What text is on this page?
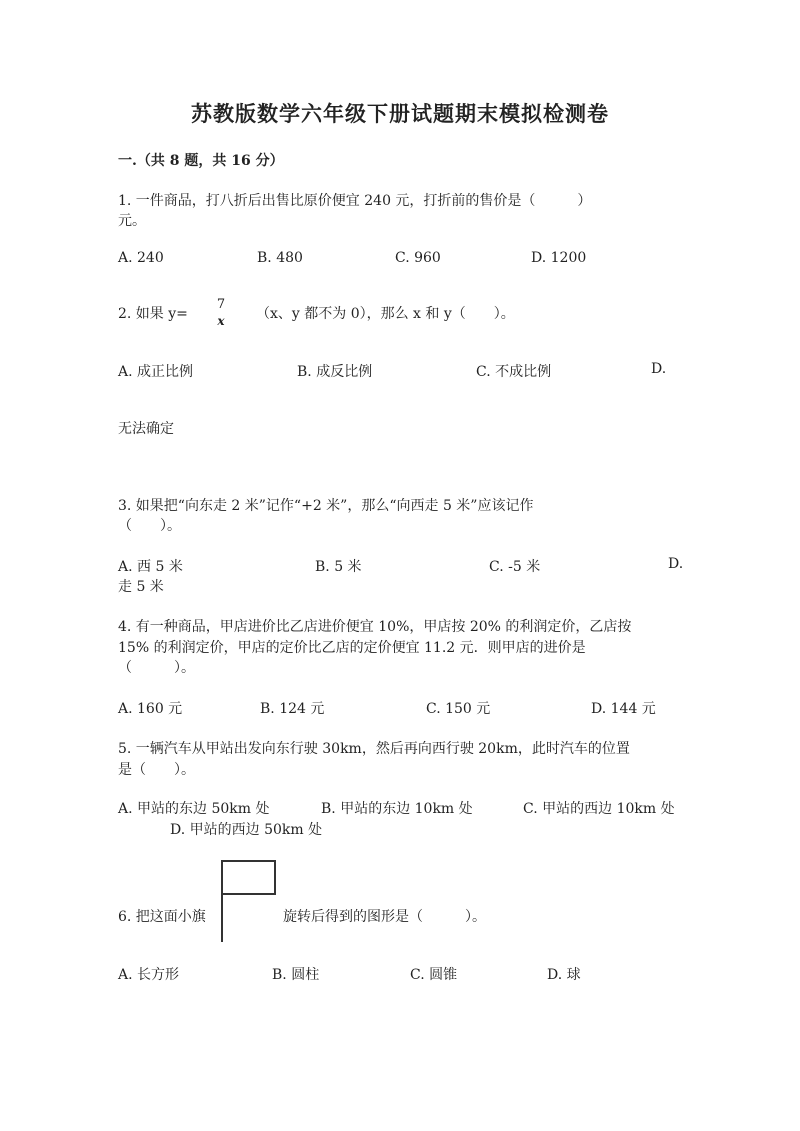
苏教版数学六年级下册试题期末模拟检测卷
一.（共 8 题，共 16 分）
1. 一件商品，打八折后出售比原价便宜 240 元，打折前的售价是（　　　）
元。
A. 240	B. 480	C. 960	D. 1200
2. 如果 y=
7
x	（x、y 都不为 0），那么 x 和 y（　　）。
A. 成正比例	B. 成反比例	C. 不成比例	D.
无法确定
3. 如果把“向东走 2 米”记作“+2 米”，那么“向西走 5 米”应该记作
（　　）。
A. 西 5 米	B. 5 米	C. -5 米	D.
走 5 米
4. 有一种商品，甲店进价比乙店进价便宜 10%，甲店按 20% 的利润定价，乙店按
15% 的利润定价，甲店的定价比乙店的定价便宜 11.2 元．则甲店的进价是
（　　　）。
A. 160 元	B. 124 元	C. 150 元	D. 144 元
5. 一辆汽车从甲站出发向东行驶 30km，然后再向西行驶 20km，此时汽车的位置
是（　　）。
A. 甲站的东边 50km 处	B. 甲站的东边 10km 处	C. 甲站的西边 10km 处
D. 甲站的西边 50km 处
6. 把这面小旗	旋转后得到的图形是（　　　）。
A. 长方形	B. 圆柱	C. 圆锥	D. 球
